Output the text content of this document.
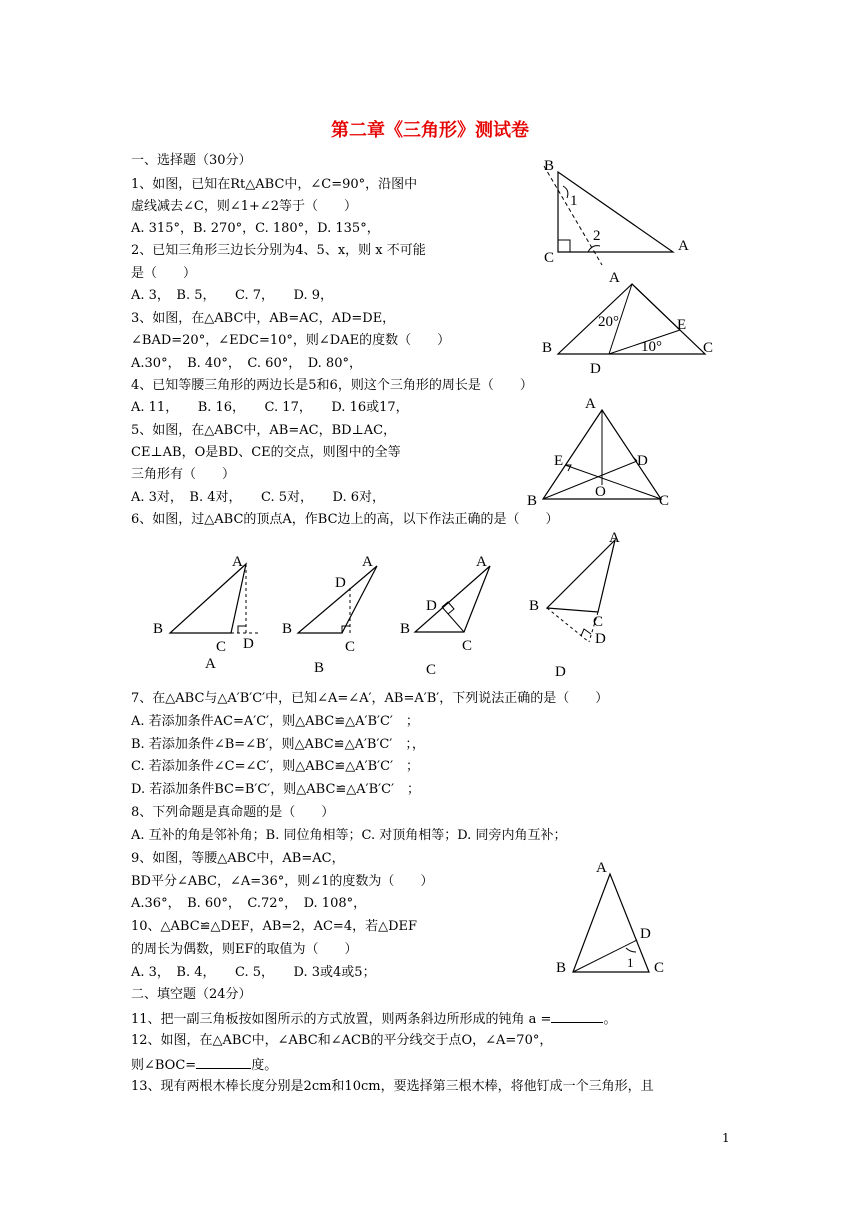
第二章《三角形》测试卷
一、选择题（30分）
1、如图，已知在Rt△ABC中，∠C=90°，沿图中
虚线减去∠C，则∠1+∠2等于（　　）
A. 315°，B. 270°，C. 180°，D. 135°，
2、已知三角形三边长分别为4、5、x，则 x 不可能
是（　　）
A. 3，　B. 5，　　C. 7，　　D. 9，
3、如图，在△ABC中，AB=AC，AD=DE，
∠BAD=20°，∠EDC=10°，则∠DAE的度数（　　）
A.30°，　B. 40°，　C. 60°，　D. 80°，
4、已知等腰三角形的两边长是5和6，则这个三角形的周长是（　　）
A. 11，　　B. 16，　　C. 17，　　D. 16或17，
5、如图，在△ABC中，AB=AC，BD⊥AC，
CE⊥AB，O是BD、CE的交点，则图中的全等
三角形有（　　）
A. 3对，　B. 4对，　　C. 5对，　　D. 6对，
6、如图，过△ABC的顶点A，作BC边上的高，以下作法正确的是（　　）
7、在△ABC与△A′B′C′中，已知∠A=∠A′，AB=A′B′，下列说法正确的是（　　）
A. 若添加条件AC=A′C′，则△ABC≌△A′B′C′　；
B. 若添加条件∠B=∠B′，则△ABC≌△A′B′C′　；，
C. 若添加条件∠C=∠C′，则△ABC≌△A′B′C′　；
D. 若添加条件BC=B′C′，则△ABC≌△A′B′C′　；
8、下列命题是真命题的是（　　）
A. 互补的角是邻补角；B. 同位角相等；C. 对顶角相等；D. 同旁内角互补；
9、如图，等腰△ABC中，AB=AC，
BD平分∠ABC，∠A=36°，则∠1的度数为（　　）
A.36°，　B. 60°，　C.72°，　D. 108°，
10、△ABC≌△DEF，AB=2，AC=4，若△DEF
的周长为偶数，则EF的取值为（　　）
A. 3，　B. 4，　　C. 5，　　D. 3或4或5；
二、填空题（24分）
11、把一副三角板按如图所示的方式放置，则两条斜边所形成的钝角 a =	。
12、如图，在△ABC中，∠ABC和∠ACB的平分线交于点O，∠A=70°，
则∠BOC=	度。
13、现有两根木棒长度分别是2cm和10cm，要选择第三根木棒，将他钉成一个三角形，且
B
C
A
1
2
A
B	C
D
E
20°
10°
A
B	C
D
E
O
A
B
C D
A
A
D
B
C
B
A
D
B
C
C
A
B
C
D
D
A
B	C
D
1
1
